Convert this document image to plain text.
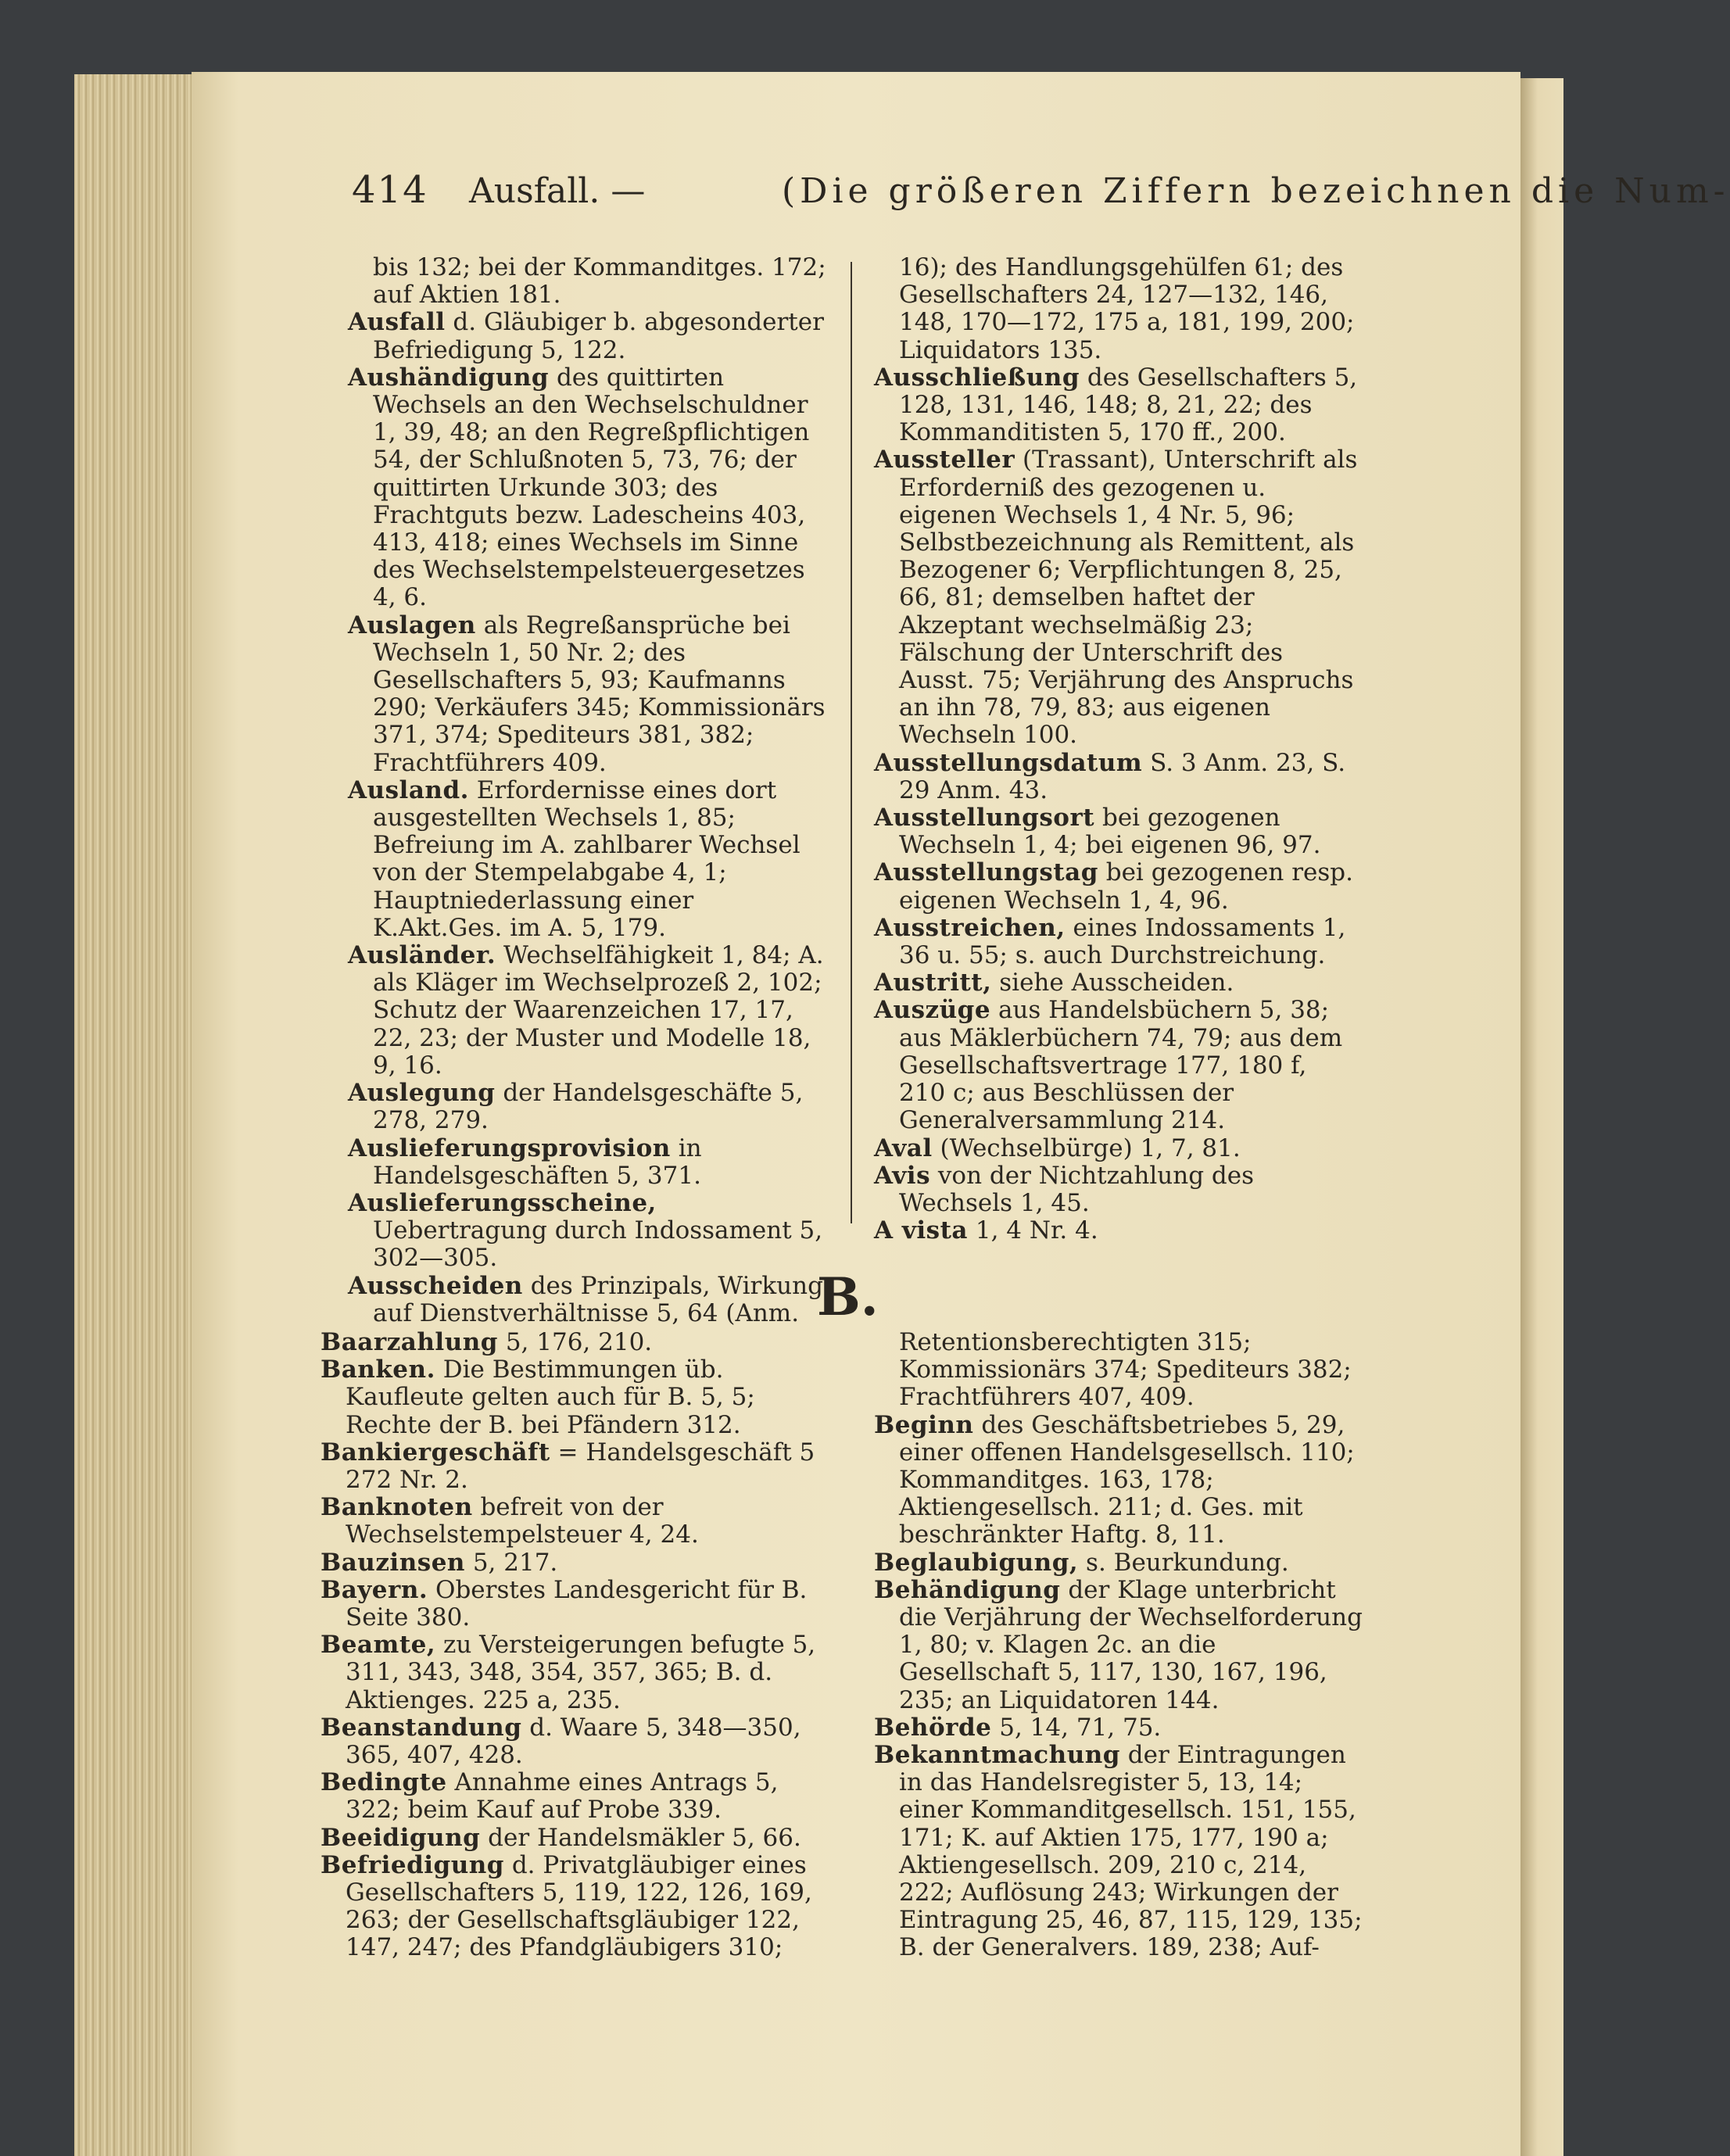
414 Ausfall. —	(Die größeren Ziffern bezeichnen die Num-

bis 132; bei der Kommanditges. 172; auf Aktien 181.

Ausfall d. Gläubiger b. abgesonderter Befriedigung 5, 122.

Aushändigung des quittirten Wechsels an den Wechselschuldner 1, 39, 48; an den Regreßpflichtigen 54, der Schlußnoten 5, 73, 76; der quittirten Urkunde 303; des Frachtguts bezw. Ladescheins 403, 413, 418; eines Wechsels im Sinne des Wechselstempelsteuergesetzes 4, 6.

Auslagen als Regreßansprüche bei Wechseln 1, 50 Nr. 2; des Gesellschafters 5, 93; Kaufmanns 290; Verkäufers 345; Kommissionärs 371, 374; Spediteurs 381, 382; Frachtführers 409.

Ausland. Erfordernisse eines dort ausgestellten Wechsels 1, 85; Befreiung im A. zahlbarer Wechsel von der Stempelabgabe 4, 1; Hauptniederlassung einer K.Akt.Ges. im A. 5, 179.

Ausländer. Wechselfähigkeit 1, 84; A. als Kläger im Wechselprozeß 2, 102; Schutz der Waarenzeichen 17, 17, 22, 23; der Muster und Modelle 18, 9, 16.

Auslegung der Handelsgeschäfte 5, 278, 279.

Auslieferungsprovision in Handelsgeschäften 5, 371.

Auslieferungsscheine, Uebertragung durch Indossament 5, 302—305.

Ausscheiden des Prinzipals, Wirkung auf Dienstverhältnisse 5, 64 (Anm.

16); des Handlungsgehülfen 61; des Gesellschafters 24, 127—132, 146, 148, 170—172, 175 a, 181, 199, 200; Liquidators 135.

Ausschließung des Gesellschafters 5, 128, 131, 146, 148; 8, 21, 22; des Kommanditisten 5, 170 ff., 200.

Aussteller (Trassant), Unterschrift als Erforderniß des gezogenen u. eigenen Wechsels 1, 4 Nr. 5, 96; Selbstbezeichnung als Remittent, als Bezogener 6; Verpflichtungen 8, 25, 66, 81; demselben haftet der Akzeptant wechselmäßig 23; Fälschung der Unterschrift des Ausst. 75; Verjährung des Anspruchs an ihn 78, 79, 83; aus eigenen Wechseln 100.

Ausstellungsdatum S. 3 Anm. 23, S. 29 Anm. 43.

Ausstellungsort bei gezogenen Wechseln 1, 4; bei eigenen 96, 97.

Ausstellungstag bei gezogenen resp. eigenen Wechseln 1, 4, 96.

Ausstreichen, eines Indossaments 1, 36 u. 55; s. auch Durchstreichung.

Austritt, siehe Ausscheiden.

Auszüge aus Handelsbüchern 5, 38; aus Mäklerbüchern 74, 79; aus dem Gesellschaftsvertrage 177, 180 f, 210 c; aus Beschlüssen der Generalversammlung 214.

Aval (Wechselbürge) 1, 7, 81.

Avis von der Nichtzahlung des Wechsels 1, 45.

A vista 1, 4 Nr. 4.

B.

Baarzahlung 5, 176, 210.

Banken. Die Bestimmungen üb. Kaufleute gelten auch für B. 5, 5; Rechte der B. bei Pfändern 312.

Bankiergeschäft = Handelsgeschäft 5 272 Nr. 2.

Banknoten befreit von der Wechselstempelsteuer 4, 24.

Bauzinsen 5, 217.

Bayern. Oberstes Landesgericht für B. Seite 380.

Beamte, zu Versteigerungen befugte 5, 311, 343, 348, 354, 357, 365; B. d. Aktienges. 225 a, 235.

Beanstandung d. Waare 5, 348—350, 365, 407, 428.

Bedingte Annahme eines Antrags 5, 322; beim Kauf auf Probe 339.

Beeidigung der Handelsmäkler 5, 66.

Befriedigung d. Privatgläubiger eines Gesellschafters 5, 119, 122, 126, 169, 263; der Gesellschaftsgläubiger 122, 147, 247; des Pfandgläubigers 310;

Retentionsberechtigten 315; Kommissionärs 374; Spediteurs 382; Frachtführers 407, 409.

Beginn des Geschäftsbetriebes 5, 29, einer offenen Handelsgesellsch. 110; Kommanditges. 163, 178; Aktiengesellsch. 211; d. Ges. mit beschränkter Haftg. 8, 11.

Beglaubigung, s. Beurkundung.

Behändigung der Klage unterbricht die Verjährung der Wechselforderung 1, 80; v. Klagen 2c. an die Gesellschaft 5, 117, 130, 167, 196, 235; an Liquidatoren 144.

Behörde 5, 14, 71, 75.

Bekanntmachung der Eintragungen in das Handelsregister 5, 13, 14; einer Kommanditgesellsch. 151, 155, 171; K. auf Aktien 175, 177, 190 a; Aktiengesellsch. 209, 210 c, 214, 222; Auflösung 243; Wirkungen der Eintragung 25, 46, 87, 115, 129, 135; B. der Generalvers. 189, 238; Auf-
